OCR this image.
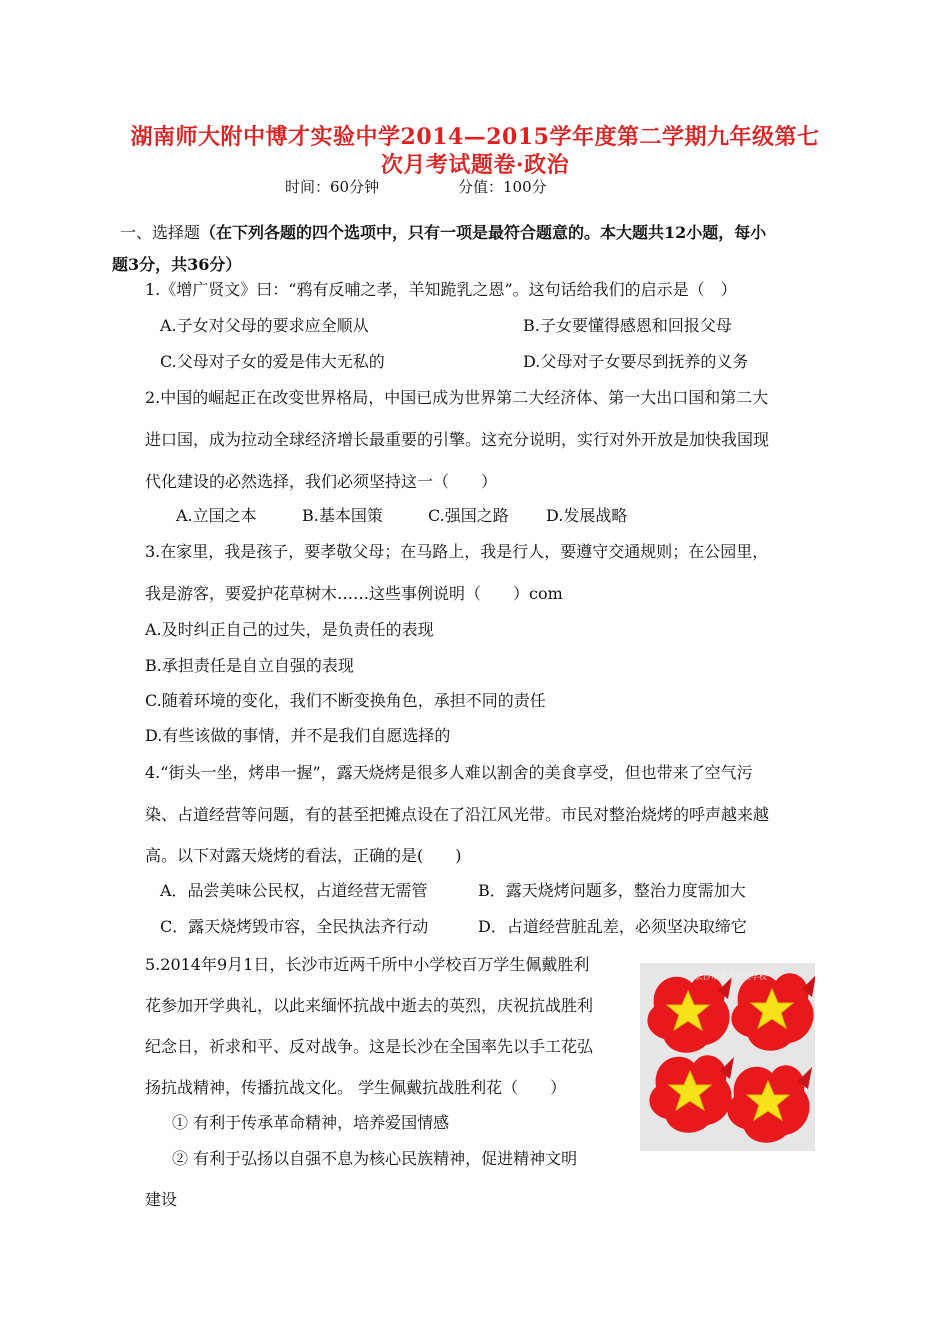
湖南师大附中博才实验中学2014—2015学年度第二学期九年级第七
次月考试题卷·政治
时间：60分钟	分值：100分
一、选择题（在下列各题的四个选项中，只有一项是最符合题意的。本大题共12小题，每小
题3分，共36分）
1.《增广贤文》曰：“鸦有反哺之孝，羊知跪乳之恩”。这句话给我们的启示是（　）
A.子女对父母的要求应全顺从	B.子女要懂得感恩和回报父母
C.父母对子女的爱是伟大无私的	D.父母对子女要尽到抚养的义务
2.中国的崛起正在改变世界格局，中国已成为世界第二大经济体、第一大出口国和第二大
进口国，成为拉动全球经济增长最重要的引擎。这充分说明，实行对外开放是加快我国现
代化建设的必然选择，我们必须坚持这一（　　）
A.立国之本	B.基本国策	C.强国之路 D.发展战略
3.在家里，我是孩子，要孝敬父母；在马路上，我是行人，要遵守交通规则；在公园里，
我是游客，要爱护花草树木……这些事例说明（　　）com
A.及时纠正自己的过失，是负责任的表现
B.承担责任是自立自强的表现
C.随着环境的变化，我们不断变换角色，承担不同的责任
D.有些该做的事情，并不是我们自愿选择的
4.“街头一坐，烤串一握”，露天烧烤是很多人难以割舍的美食享受，但也带来了空气污
染、占道经营等问题，有的甚至把摊点设在了沿江风光带。市民对整治烧烤的呼声越来越
高。以下对露天烧烤的看法，正确的是(　　)
A．品尝美味公民权，占道经营无需管	B．露天烧烤问题多，整治力度需加大
C．露天烧烤毁市容，全民执法齐行动	D．占道经营脏乱差，必须坚决取缔它
5.2014年9月1日，长沙市近两千所中小学校百万学生佩戴胜利
花参加开学典礼，以此来缅怀抗战中逝去的英烈，庆祝抗战胜利
纪念日，祈求和平、反对战争。这是长沙在全国率先以手工花弘
扬抗战精神，传播抗战文化。 学生佩戴抗战胜利花（　　）
① 有利于传承革命精神，培养爱国情感
② 有利于弘扬以自强不息为核心民族精神，促进精神文明
建设
长沙市博才实验学校
